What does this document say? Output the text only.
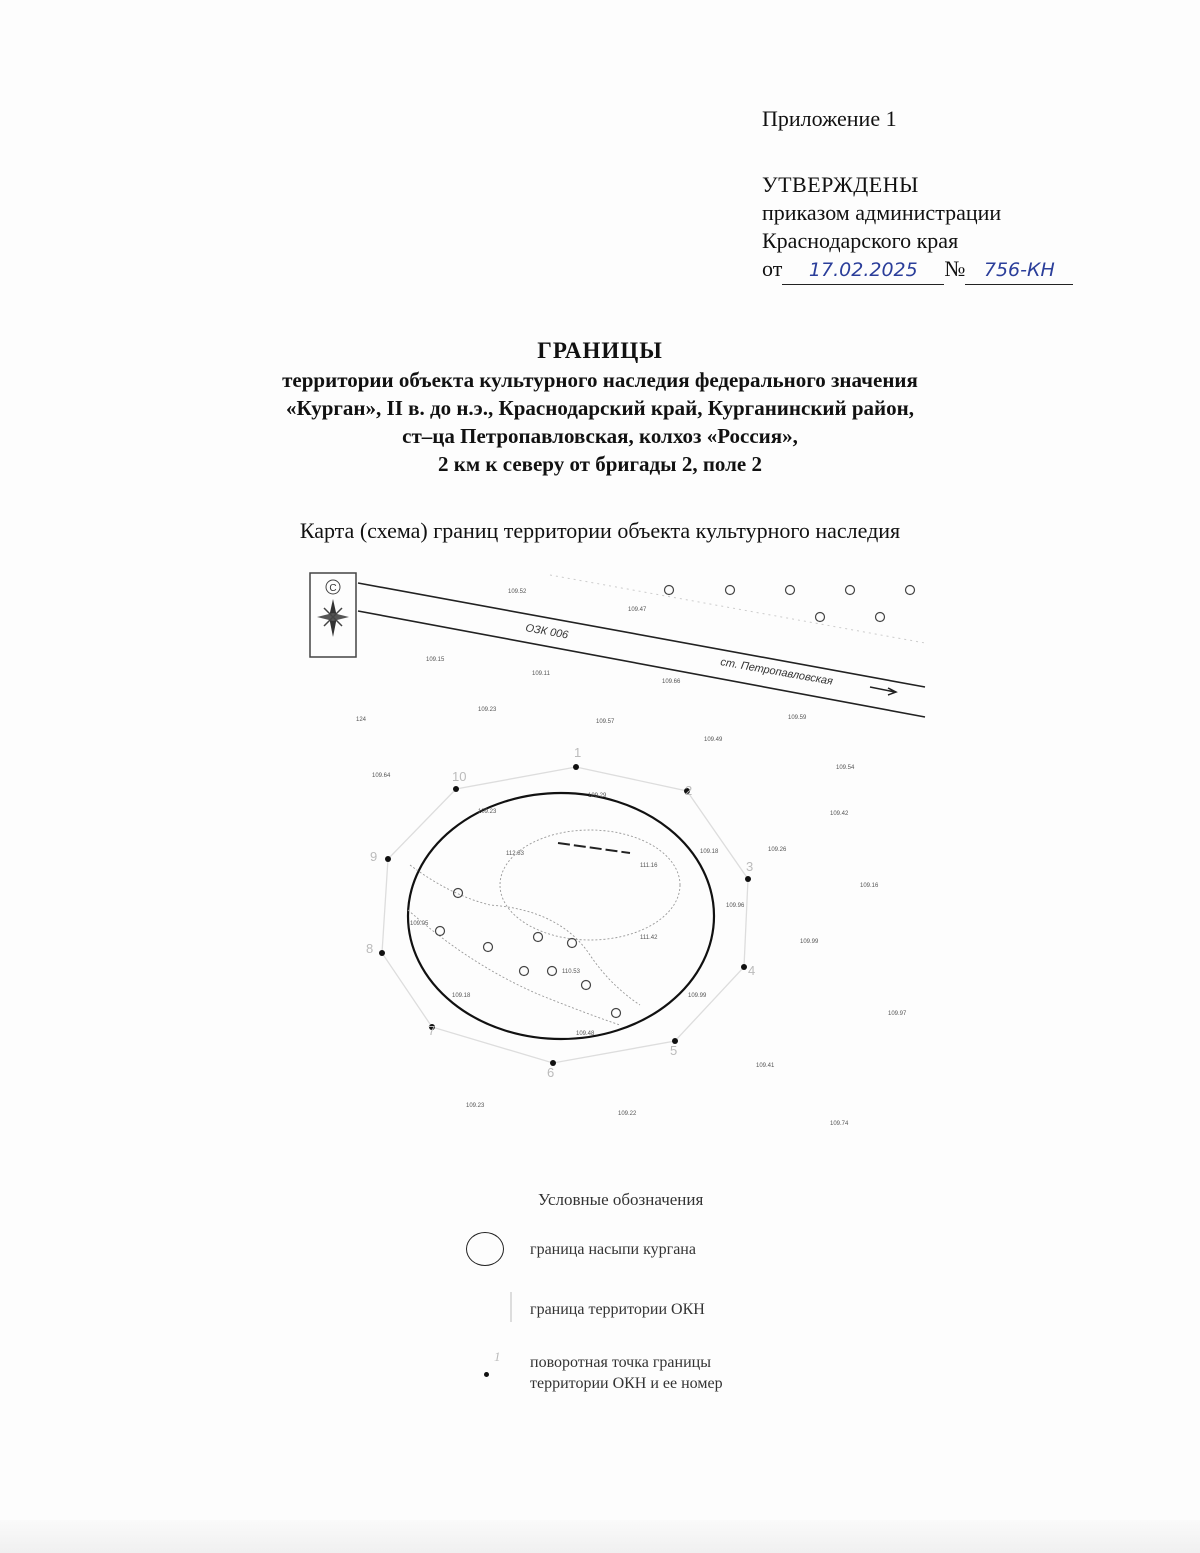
Приложение 1
УТВЕРЖДЕНЫ
приказом администрации
Краснодарского края
от	17.02.2025	№ 756-КН
ГРАНИЦЫ
территории объекта культурного наследия федерального значения
«Курган», II в. до н.э., Краснодарский край, Курганинский район,
ст–ца Петропавловская, колхоз «Россия»,
2 км к северу от бригады 2, поле 2
Карта (схема) границ территории объекта культурного наследия
С
ОЗК 006
ст. Петропавловская
1
2
3
4
5
6
7
8
9
10
109.52
109.47
109.15
109.11
109.66
109.23
109.57
109.59
109.49
109.54
109.64
109.42
109.26
109.16
109.99
109.97
109.41
109.23
109.22
109.74
109.29
109.23
109.05
109.18
109.96
110.53
111.42
111.16
112.83	109.18
109.99
109.48
124
Условные обозначения
граница насыпи кургана
граница территории ОКН
1 поворотная точка границы
территории ОКН и ее номер
